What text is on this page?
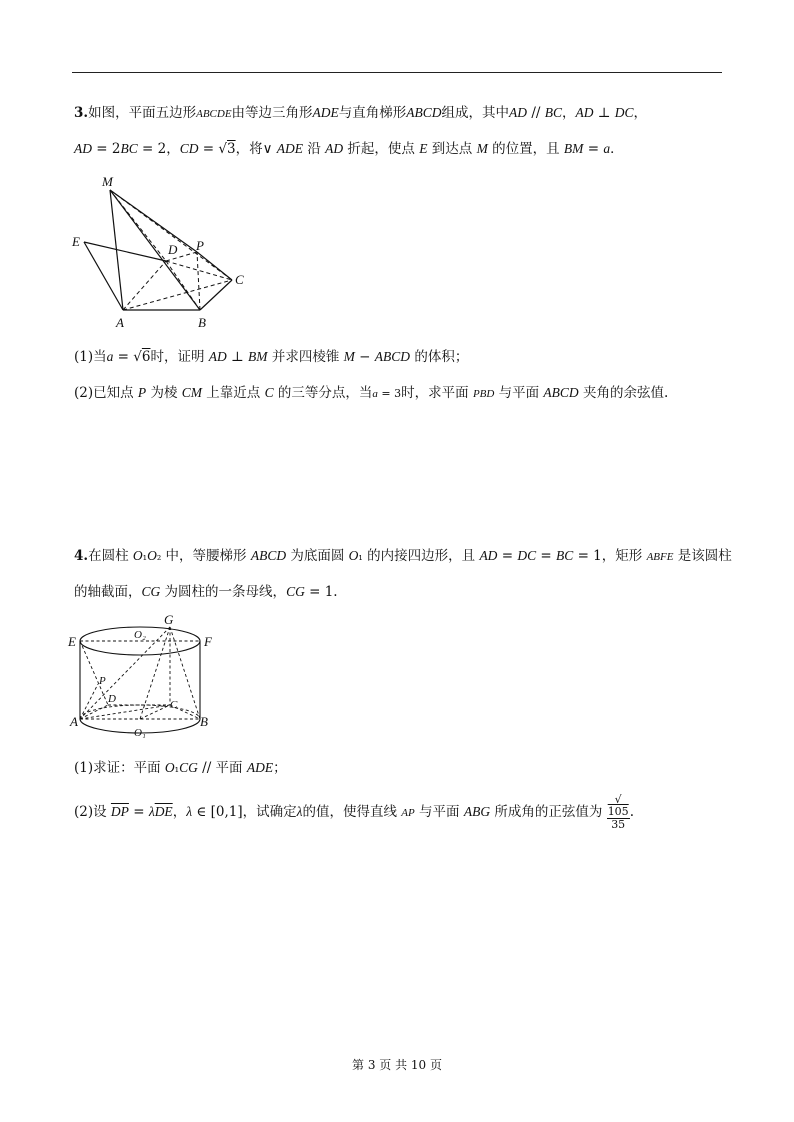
3.如图，平面五边形ABCDE由等边三角形ADE与直角梯形ABCD组成，其中AD // BC，AD ⊥ DC，
AD = 2BC = 2，CD = √3，将∨ ADE 沿 AD 折起，使点 E 到达点 M 的位置，且 BM = a．
M
E
D P
C
A	B
(1)当a = √6时，证明 AD ⊥ BM 并求四棱锥 M − ABCD 的体积；
(2)已知点 P 为棱 CM 上靠近点 C 的三等分点，当a = 3时，求平面 PBD 与平面 ABCD 夹角的余弦值.
4.在圆柱 O₁O₂ 中，等腰梯形 ABCD 为底面圆 O₁ 的内接四边形，且 AD = DC = BC = 1，矩形 ABFE 是该圆柱
的轴截面，CG 为圆柱的一条母线，CG = 1.
E	O₂
G
F
P
D	C
A	B
O₁
(1)求证：平面 O₁CG // 平面 ADE；
(2)设 $\overline{DP} = \lambda\overline{DE}$，λ ∈ [0,1]，试确定λ的值，使得直线 AP 与平面 ABG 所成角的正弦值为 √
105
35 .
第 3 页 共 10 页
